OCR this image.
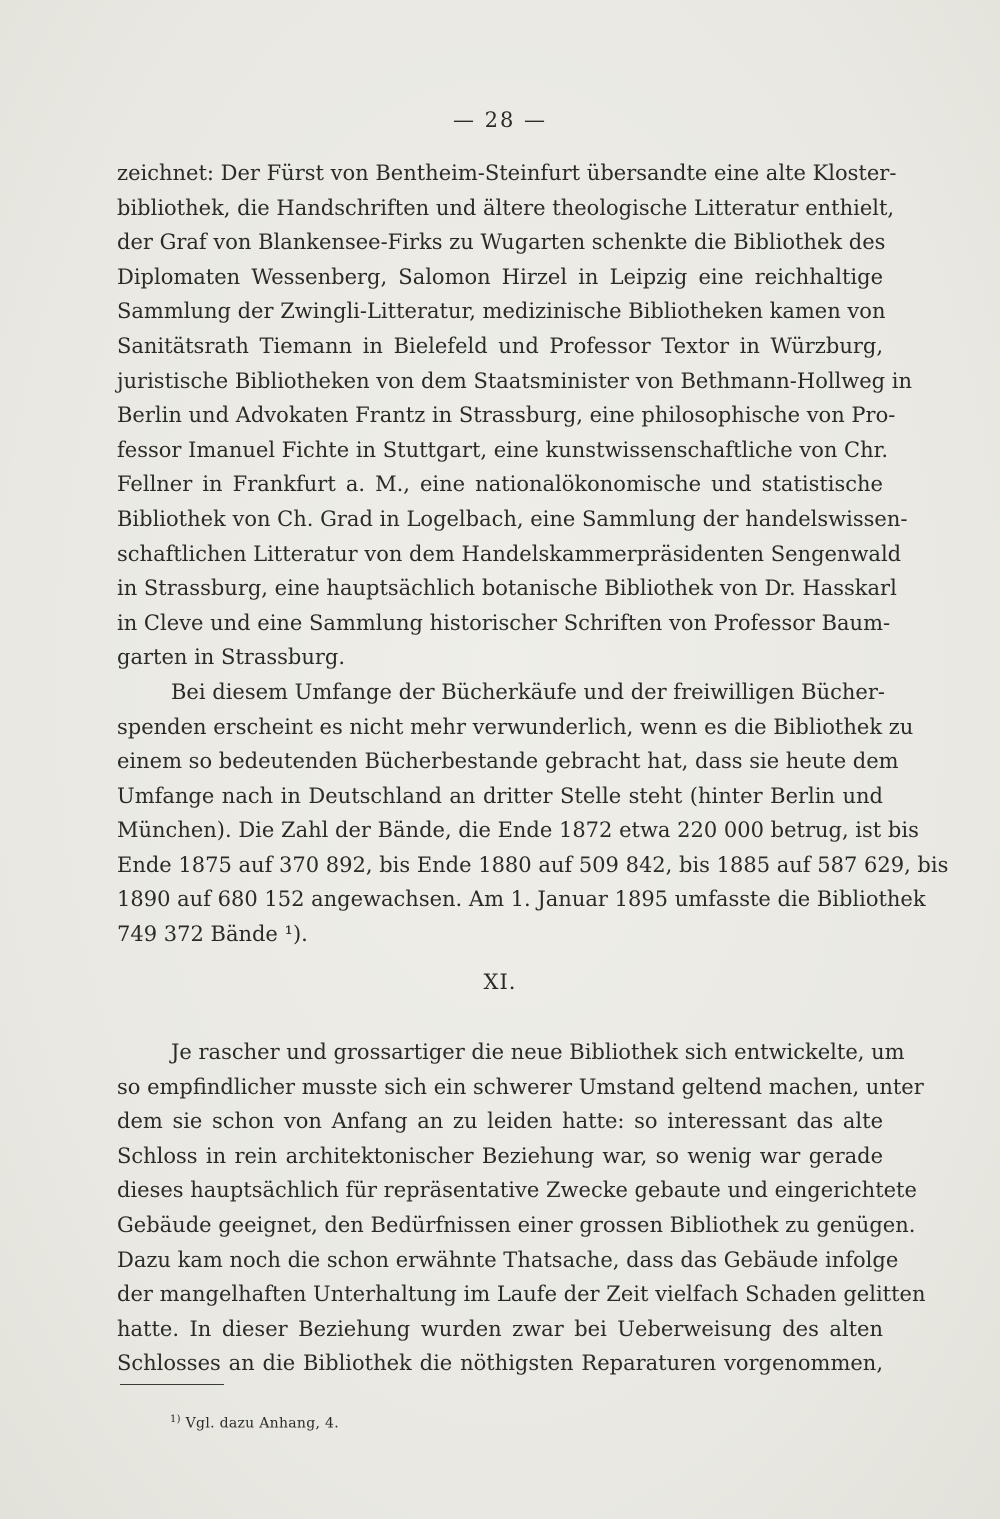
— 28 —
zeichnet: Der Fürst von Bentheim-Steinfurt übersandte eine alte Kloster-
bibliothek, die Handschriften und ältere theologische Litteratur enthielt,
der Graf von Blankensee-Firks zu Wugarten schenkte die Bibliothek des
Diplomaten Wessenberg, Salomon Hirzel in Leipzig eine reichhaltige
Sammlung der Zwingli-Litteratur, medizinische Bibliotheken kamen von
Sanitätsrath Tiemann in Bielefeld und Professor Textor in Würzburg,
juristische Bibliotheken von dem Staatsminister von Bethmann-Hollweg in
Berlin und Advokaten Frantz in Strassburg, eine philosophische von Pro-
fessor Imanuel Fichte in Stuttgart, eine kunstwissenschaftliche von Chr.
Fellner in Frankfurt a. M., eine nationalökonomische und statistische
Bibliothek von Ch. Grad in Logelbach, eine Sammlung der handelswissen-
schaftlichen Litteratur von dem Handelskammerpräsidenten Sengenwald
in Strassburg, eine hauptsächlich botanische Bibliothek von Dr. Hasskarl
in Cleve und eine Sammlung historischer Schriften von Professor Baum-
garten in Strassburg.
Bei diesem Umfange der Bücherkäufe und der freiwilligen Bücher-
spenden erscheint es nicht mehr verwunderlich, wenn es die Bibliothek zu
einem so bedeutenden Bücherbestande gebracht hat, dass sie heute dem
Umfange nach in Deutschland an dritter Stelle steht (hinter Berlin und
München). Die Zahl der Bände, die Ende 1872 etwa 220 000 betrug, ist bis
Ende 1875 auf 370 892, bis Ende 1880 auf 509 842, bis 1885 auf 587 629, bis
1890 auf 680 152 angewachsen. Am 1. Januar 1895 umfasste die Bibliothek
749 372 Bände ¹).
XI.
Je rascher und grossartiger die neue Bibliothek sich entwickelte, um
so empfindlicher musste sich ein schwerer Umstand geltend machen, unter
dem sie schon von Anfang an zu leiden hatte: so interessant das alte
Schloss in rein architektonischer Beziehung war, so wenig war gerade
dieses hauptsächlich für repräsentative Zwecke gebaute und eingerichtete
Gebäude geeignet, den Bedürfnissen einer grossen Bibliothek zu genügen.
Dazu kam noch die schon erwähnte Thatsache, dass das Gebäude infolge
der mangelhaften Unterhaltung im Laufe der Zeit vielfach Schaden gelitten
hatte. In dieser Beziehung wurden zwar bei Ueberweisung des alten
Schlosses an die Bibliothek die nöthigsten Reparaturen vorgenommen,
$^{1)}$ Vgl. dazu Anhang, 4.
